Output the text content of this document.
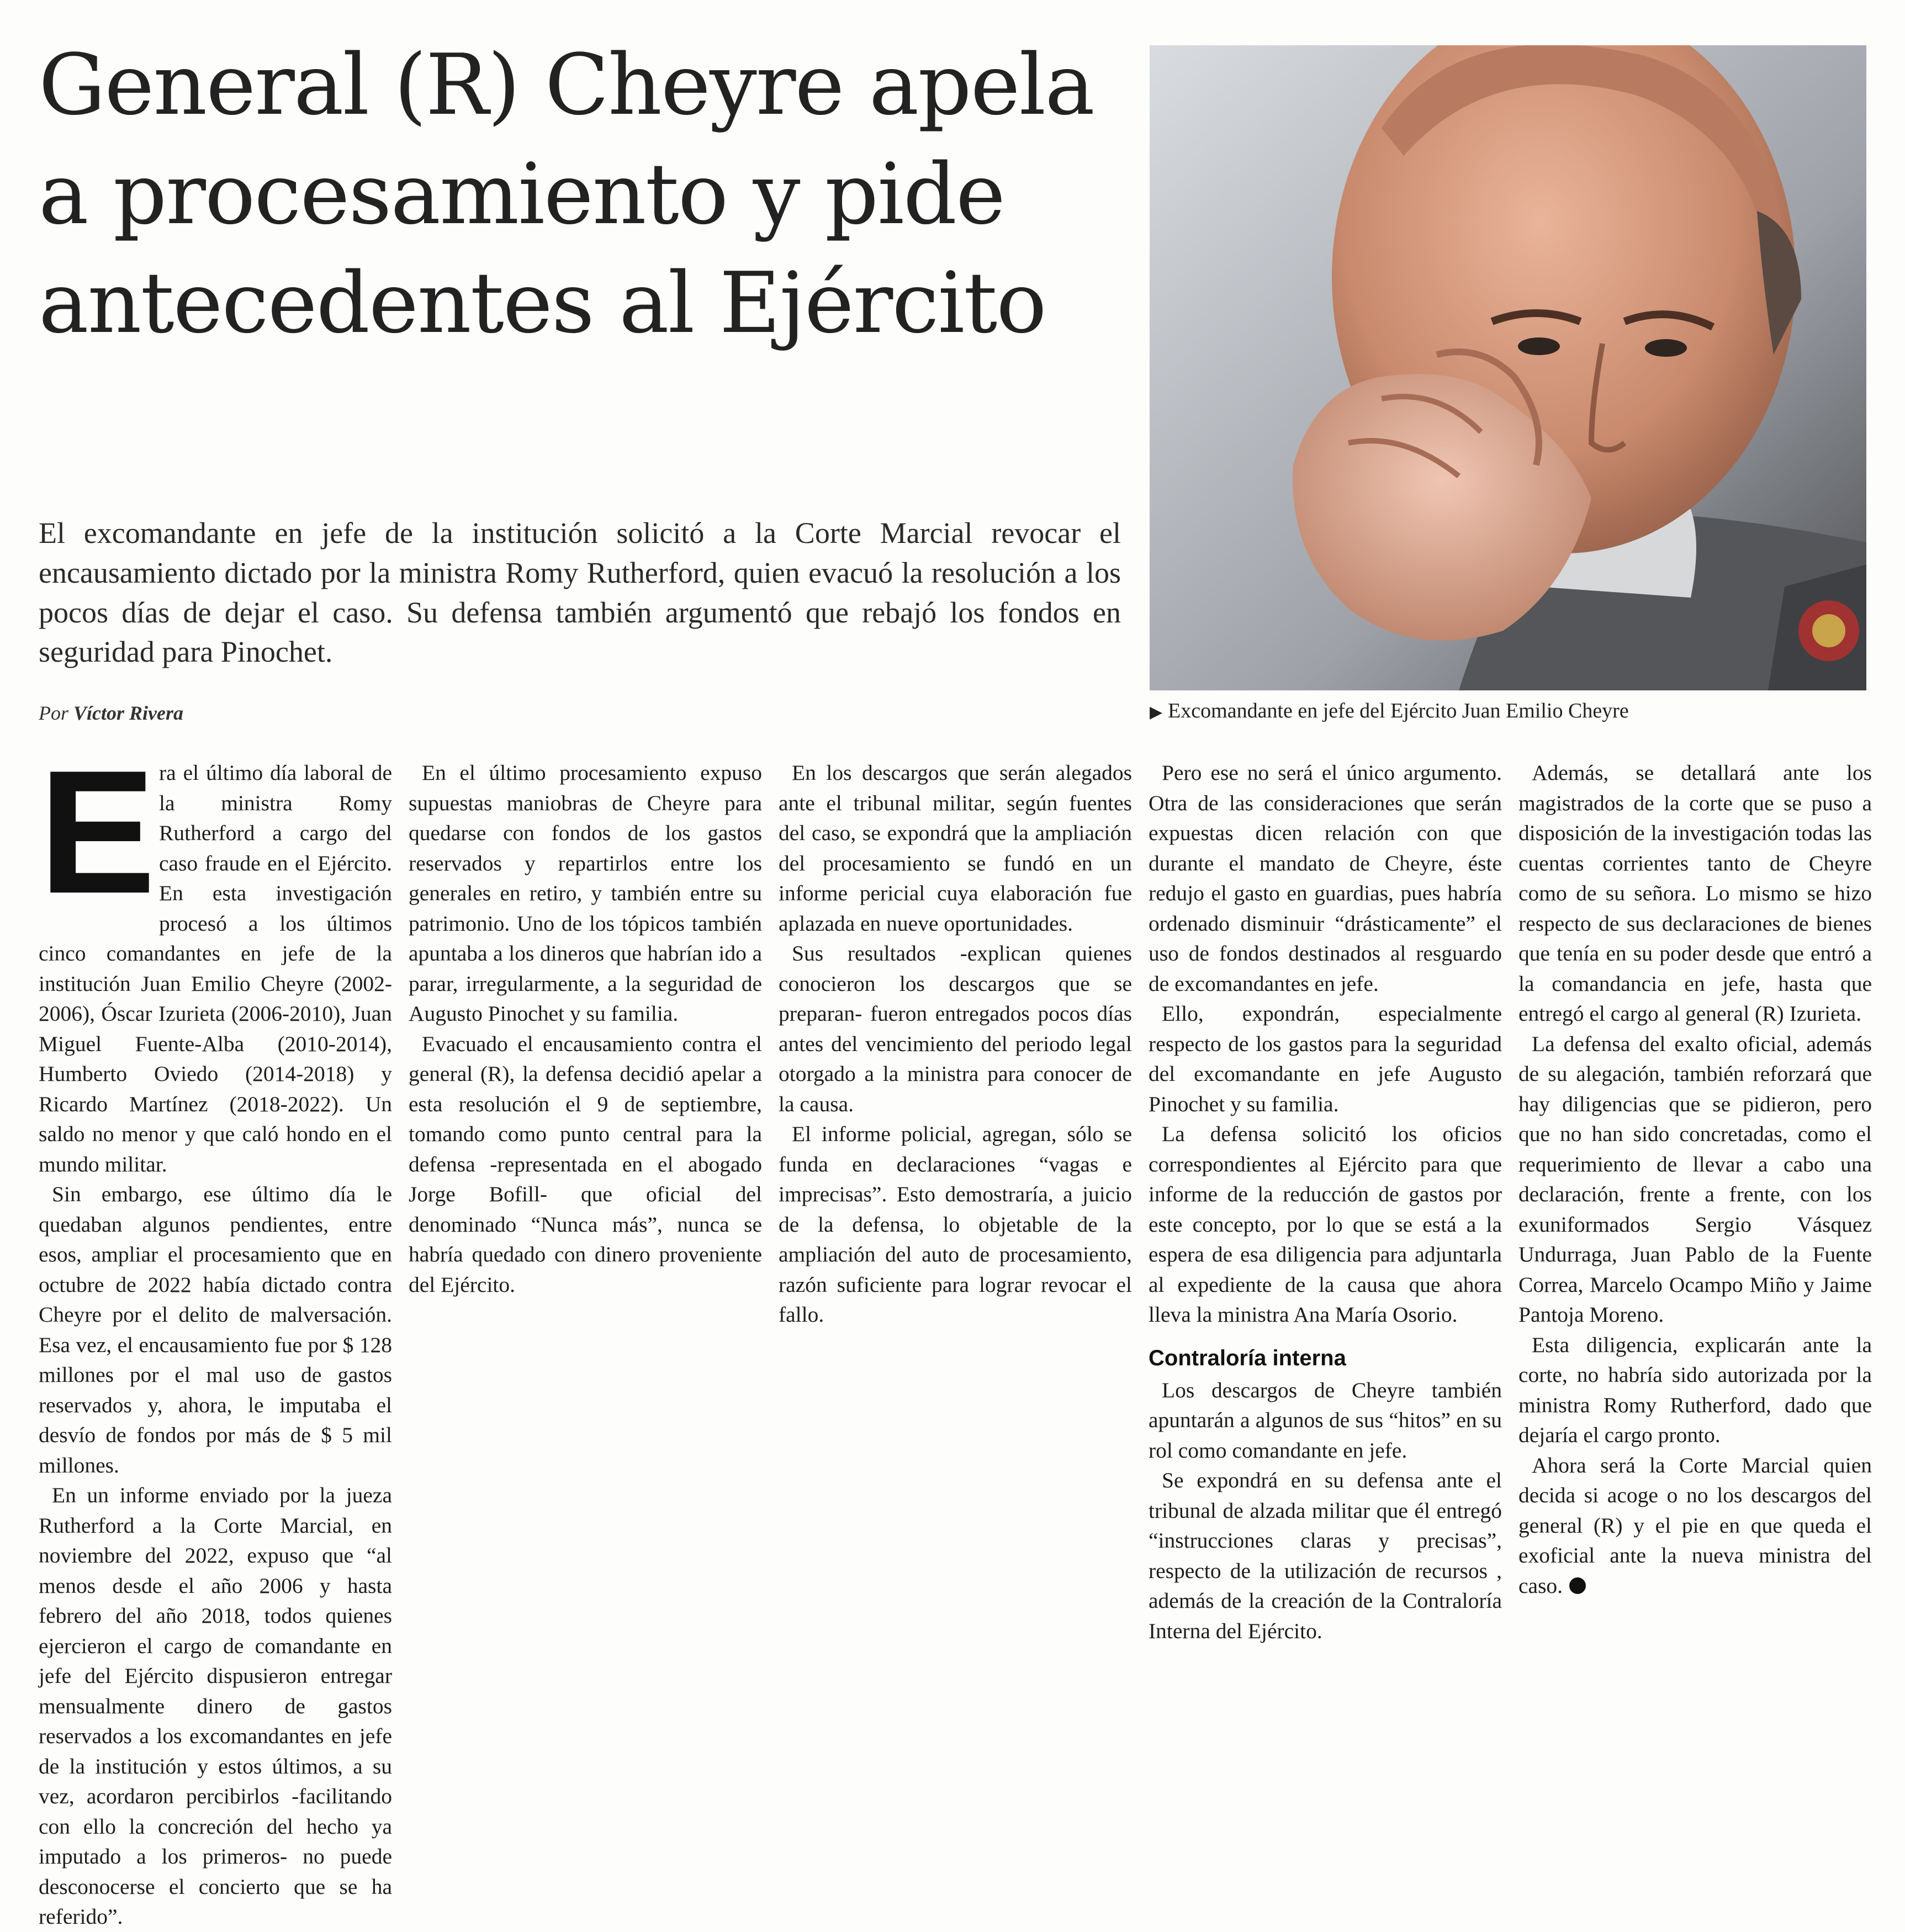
General (R) Cheyre apela a procesamiento y pide antecedentes al Ejército
El excomandante en jefe de la institución solicitó a la Corte Marcial revocar el encausamiento dictado por la ministra Romy Rutherford, quien evacuó la resolución a los pocos días de dejar el caso. Su defensa también argumentó que rebajó los fondos en seguridad para Pinochet.
Por Víctor Rivera	▶ Excomandante en jefe del Ejército Juan Emilio Cheyre
E ra el último día laboral de la ministra Romy Rutherford a cargo del caso fraude en el Ejército. En esta investigación procesó a los últimos cinco comandantes en jefe de la institución Juan Emilio Cheyre (2002-2006), Óscar Izurieta (2006-2010), Juan Miguel Fuente-Alba (2010-2014), Humberto Oviedo (2014-2018) y Ricardo Martínez (2018-2022). Un saldo no menor y que caló hondo en el mundo militar.

Sin embargo, ese último día le quedaban algunos pendientes, entre esos, ampliar el procesamiento que en octubre de 2022 había dictado contra Cheyre por el delito de malversación. Esa vez, el encausamiento fue por $ 128 millones por el mal uso de gastos reservados y, ahora, le imputaba el desvío de fondos por más de $ 5 mil millones.

En un informe enviado por la jueza Rutherford a la Corte Marcial, en noviembre del 2022, expuso que “al menos desde el año 2006 y hasta febrero del año 2018, todos quienes ejercieron el cargo de comandante en jefe del Ejército dispusieron entregar mensualmente dinero de gastos reservados a los excomandantes en jefe de la institución y estos últimos, a su vez, acordaron percibirlos -facilitando con ello la concreción del hecho ya imputado a los primeros- no puede desconocerse el concierto que se ha referido”.

En el último procesamiento expuso supuestas maniobras de Cheyre para quedarse con fondos de los gastos reservados y repartirlos entre los generales en retiro, y también entre su patrimonio. Uno de los tópicos también apuntaba a los dineros que habrían ido a parar, irregularmente, a la seguridad de Augusto Pinochet y su familia.

Evacuado el encausamiento contra el general (R), la defensa decidió apelar a esta resolución el 9 de septiembre, tomando como punto central para la defensa -representada en el abogado Jorge Bofill- que oficial del denominado “Nunca más”, nunca se habría quedado con dinero proveniente del Ejército.

En los descargos que serán alegados ante el tribunal militar, según fuentes del caso, se expondrá que la ampliación del procesamiento se fundó en un informe pericial cuya elaboración fue aplazada en nueve oportunidades.

Sus resultados -explican quienes conocieron los descargos que se preparan- fueron entregados pocos días antes del vencimiento del periodo legal otorgado a la ministra para conocer de la causa.

El informe policial, agregan, sólo se funda en declaraciones “vagas e imprecisas”. Esto demostraría, a juicio de la defensa, lo objetable de la ampliación del auto de procesamiento, razón suficiente para lograr revocar el fallo.

Pero ese no será el único argumento. Otra de las consideraciones que serán expuestas dicen relación con que durante el mandato de Cheyre, éste redujo el gasto en guardias, pues habría ordenado disminuir “drásticamente” el uso de fondos destinados al resguardo de excomandantes en jefe.

Ello, expondrán, especialmente respecto de los gastos para la seguridad del excomandante en jefe Augusto Pinochet y su familia.

La defensa solicitó los oficios correspondientes al Ejército para que informe de la reducción de gastos por este concepto, por lo que se está a la espera de esa diligencia para adjuntarla al expediente de la causa que ahora lleva la ministra Ana María Osorio.

Contraloría interna

Los descargos de Cheyre también apuntarán a algunos de sus “hitos” en su rol como comandante en jefe.

Se expondrá en su defensa ante el tribunal de alzada militar que él entregó “instrucciones claras y precisas”, respecto de la utilización de recursos , además de la creación de la Contraloría Interna del Ejército.

Además, se detallará ante los magistrados de la corte que se puso a disposición de la investigación todas las cuentas corrientes tanto de Cheyre como de su señora. Lo mismo se hizo respecto de sus declaraciones de bienes que tenía en su poder desde que entró a la comandancia en jefe, hasta que entregó el cargo al general (R) Izurieta.

La defensa del exalto oficial, además de su alegación, también reforzará que hay diligencias que se pidieron, pero que no han sido concretadas, como el requerimiento de llevar a cabo una declaración, frente a frente, con los exuniformados Sergio Vásquez Undurraga, Juan Pablo de la Fuente Correa, Marcelo Ocampo Miño y Jaime Pantoja Moreno.

Esta diligencia, explicarán ante la corte, no habría sido autorizada por la ministra Romy Rutherford, dado que dejaría el cargo pronto.

Ahora será la Corte Marcial quien decida si acoge o no los descargos del general (R) y el pie en que queda el exoficial ante la nueva ministra del caso.
